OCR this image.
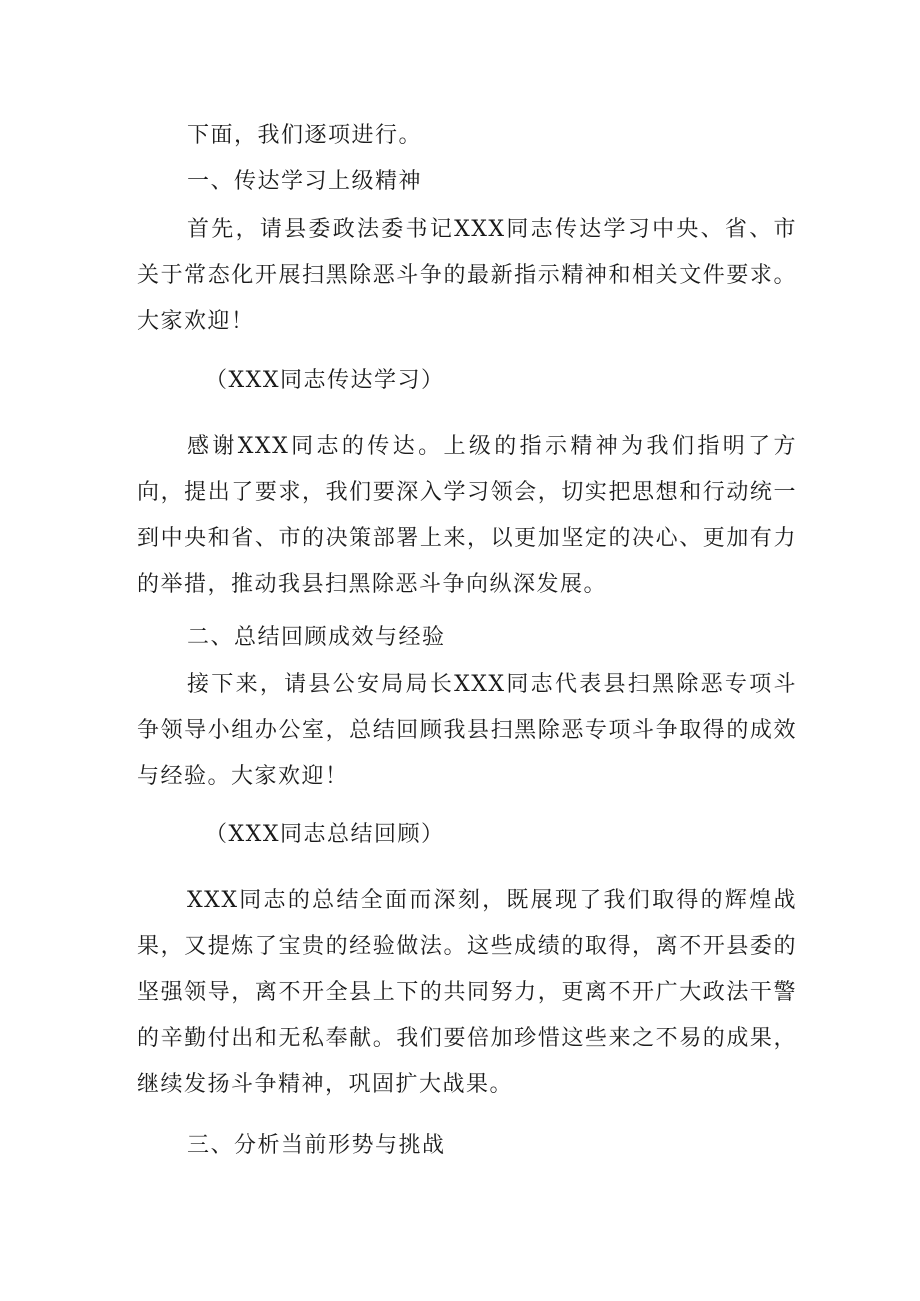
下面，我们逐项进行。

一、传达学习上级精神

首先，请县委政法委书记XXX同志传达学习中央、省、市关于常态化开展扫黑除恶斗争的最新指示精神和相关文件要求。大家欢迎！

（XXX同志传达学习）

感谢XXX同志的传达。上级的指示精神为我们指明了方向，提出了要求，我们要深入学习领会，切实把思想和行动统一到中央和省、市的决策部署上来，以更加坚定的决心、更加有力的举措，推动我县扫黑除恶斗争向纵深发展。

二、总结回顾成效与经验

接下来，请县公安局局长XXX同志代表县扫黑除恶专项斗争领导小组办公室，总结回顾我县扫黑除恶专项斗争取得的成效与经验。大家欢迎！

（XXX同志总结回顾）

XXX同志的总结全面而深刻，既展现了我们取得的辉煌战果，又提炼了宝贵的经验做法。这些成绩的取得，离不开县委的坚强领导，离不开全县上下的共同努力，更离不开广大政法干警的辛勤付出和无私奉献。我们要倍加珍惜这些来之不易的成果，继续发扬斗争精神，巩固扩大战果。

三、分析当前形势与挑战
